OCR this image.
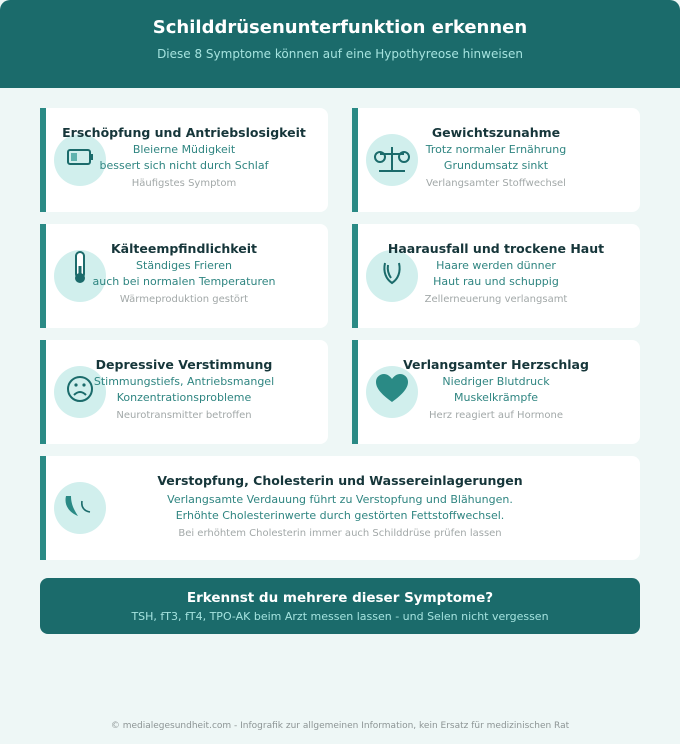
Schilddrüsenunterfunktion erkennen

Diese 8 Symptome können auf eine Hypothyreose hinweisen

Erschöpfung und Antriebslosigkeit
Bleierne Müdigkeit
bessert sich nicht durch Schlaf
Häufigstes Symptom
Gewichtszunahme
Trotz normaler Ernährung
Grundumsatz sinkt
Verlangsamter Stoffwechsel
Kälteempfindlichkeit
Ständiges Frieren
auch bei normalen Temperaturen
Wärmeproduktion gestört
Haarausfall und trockene Haut
Haare werden dünner
Haut rau und schuppig
Zellerneuerung verlangsamt
Depressive Verstimmung
Stimmungstiefs, Antriebsmangel
Konzentrationsprobleme
Neurotransmitter betroffen
Verlangsamter Herzschlag
Niedriger Blutdruck
Muskelkrämpfe
Herz reagiert auf Hormone
Verstopfung, Cholesterin und Wassereinlagerungen
Verlangsamte Verdauung führt zu Verstopfung und Blähungen.
Erhöhte Cholesterinwerte durch gestörten Fettstoffwechsel.
Bei erhöhtem Cholesterin immer auch Schilddrüse prüfen lassen
Erkennst du mehrere dieser Symptome?
TSH, fT3, fT4, TPO-AK beim Arzt messen lassen - und Selen nicht vergessen
© medialegesundheit.com - Infografik zur allgemeinen Information, kein Ersatz für medizinischen Rat
